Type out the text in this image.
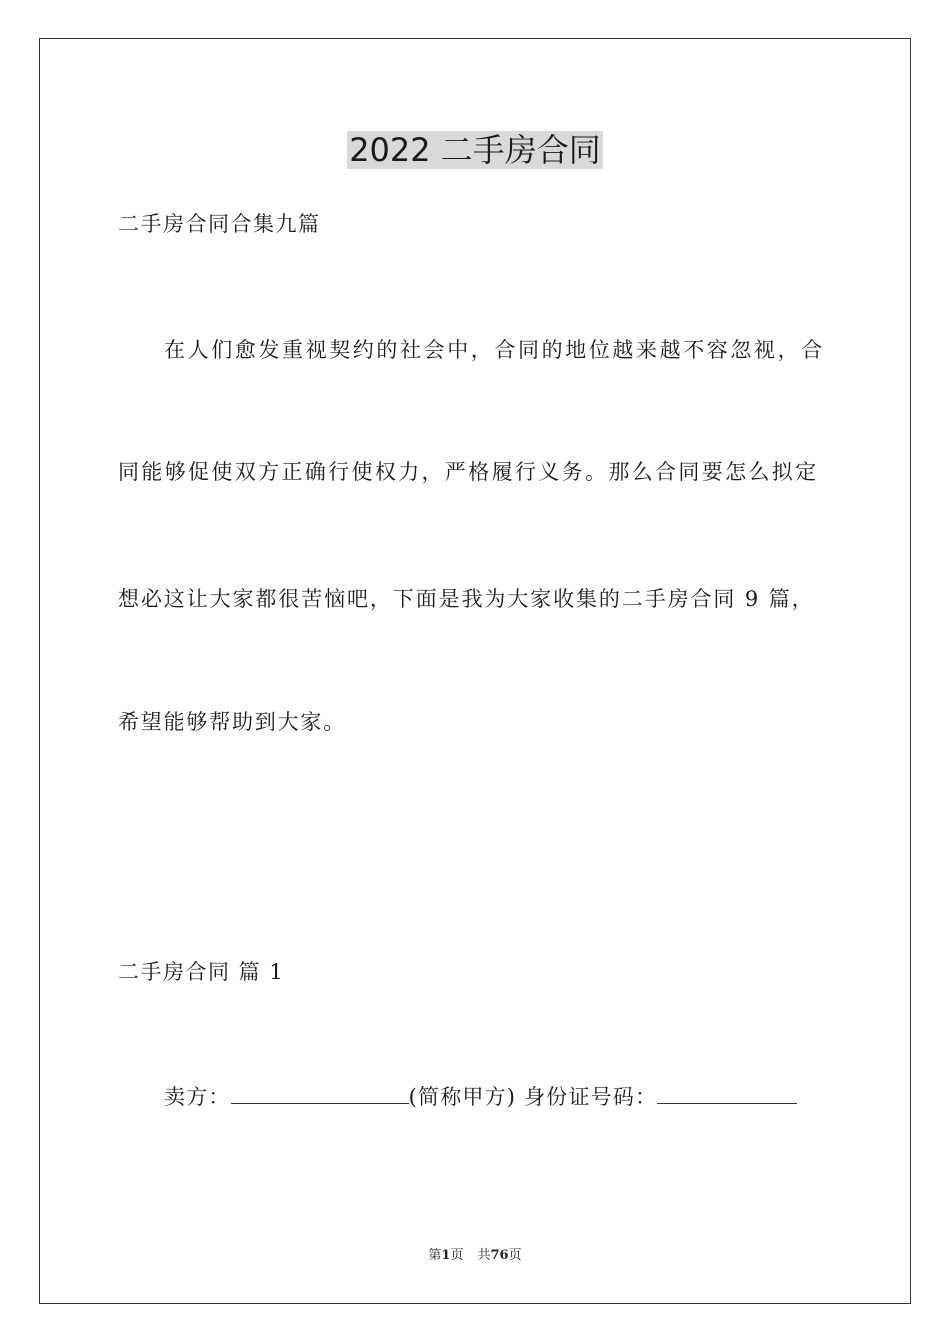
2022 二手房合同
二手房合同合集九篇
在人们愈发重视契约的社会中，合同的地位越来越不容忽视，合
同能够促使双方正确行使权力，严格履行义务。那么合同要怎么拟定
想必这让大家都很苦恼吧，下面是我为大家收集的二手房合同 9 篇，
希望能够帮助到大家。
二手房合同 篇 1
卖方：	(简称甲方) 身份证号码：
第1页 共76页
